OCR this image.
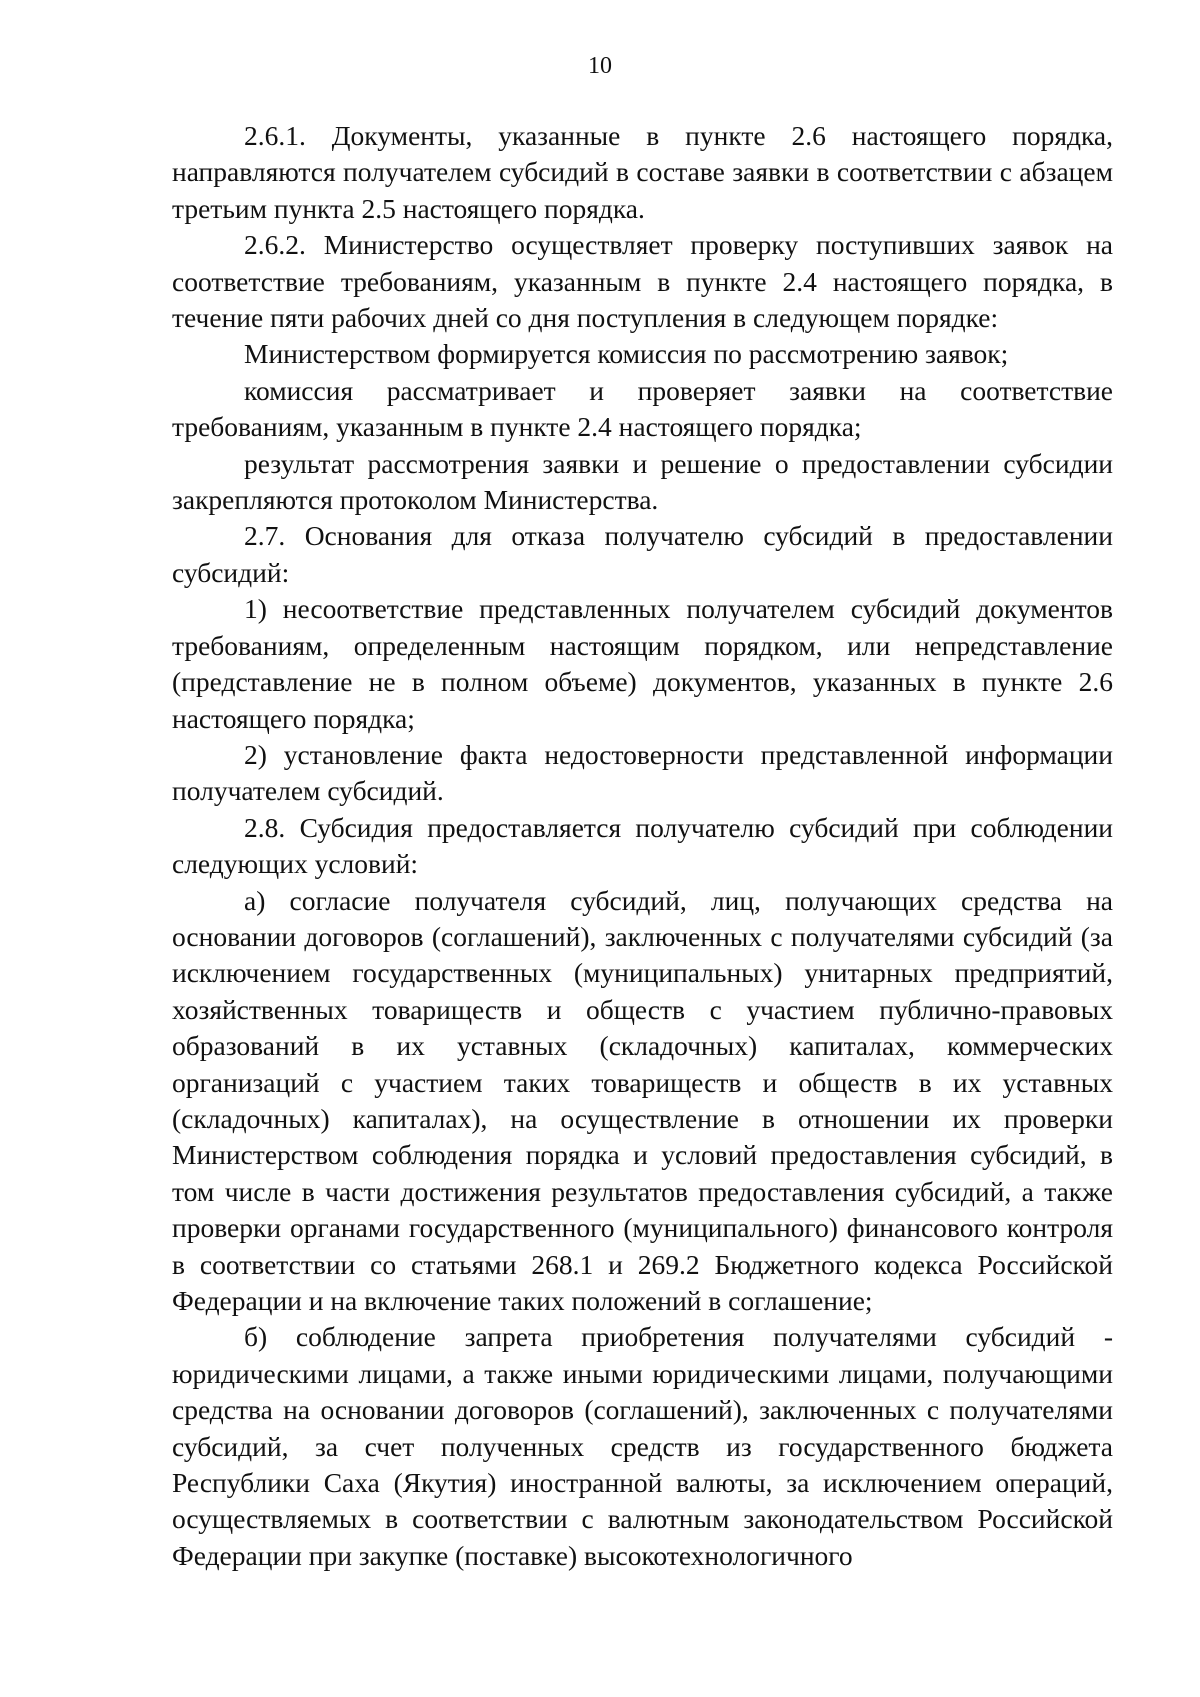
10

2.6.1. Документы, указанные в пункте 2.6 настоящего порядка, направляются получателем субсидий в составе заявки в соответствии с абзацем третьим пункта 2.5 настоящего порядка.

2.6.2. Министерство осуществляет проверку поступивших заявок на соответствие требованиям, указанным в пункте 2.4 настоящего порядка, в течение пяти рабочих дней со дня поступления в следующем порядке:

Министерством формируется комиссия по рассмотрению заявок;

комиссия рассматривает и проверяет заявки на соответствие требованиям, указанным в пункте 2.4 настоящего порядка;

результат рассмотрения заявки и решение о предоставлении субсидии закрепляются протоколом Министерства.

2.7. Основания для отказа получателю субсидий в предоставлении субсидий:

1) несоответствие представленных получателем субсидий документов требованиям, определенным настоящим порядком, или непредставление (представление не в полном объеме) документов, указанных в пункте 2.6 настоящего порядка;

2) установление факта недостоверности представленной информации получателем субсидий.

2.8. Субсидия предоставляется получателю субсидий при соблюдении следующих условий:

а) согласие получателя субсидий, лиц, получающих средства на основании договоров (соглашений), заключенных с получателями субсидий (за исключением государственных (муниципальных) унитарных предприятий, хозяйственных товариществ и обществ с участием публично-правовых образований в их уставных (складочных) капиталах, коммерческих организаций с участием таких товариществ и обществ в их уставных (складочных) капиталах), на осуществление в отношении их проверки Министерством соблюдения порядка и условий предоставления субсидий, в том числе в части достижения результатов предоставления субсидий, а также проверки органами государственного (муниципального) финансового контроля в соответствии со статьями 268.1 и 269.2 Бюджетного кодекса Российской Федерации и на включение таких положений в соглашение;

б) соблюдение запрета приобретения получателями субсидий - юридическими лицами, а также иными юридическими лицами, получающими средства на основании договоров (соглашений), заключенных с получателями субсидий, за счет полученных средств из государственного бюджета Республики Саха (Якутия) иностранной валюты, за исключением операций, осуществляемых в соответствии с валютным законодательством Российской Федерации при закупке (поставке) высокотехнологичного
